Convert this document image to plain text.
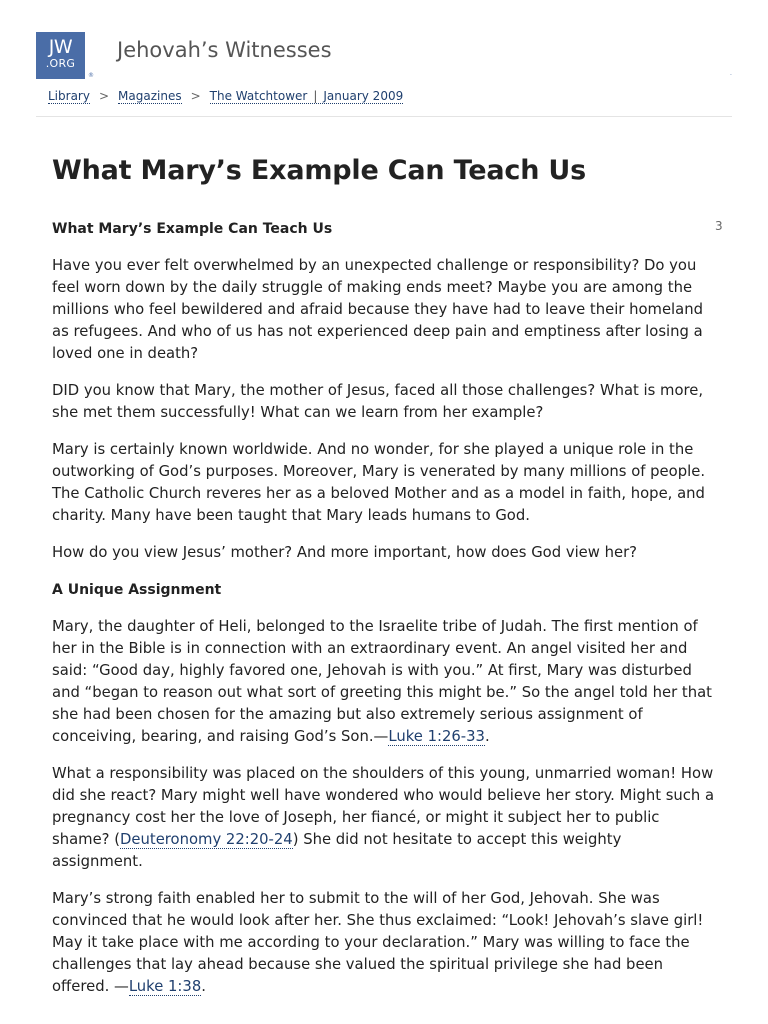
JW
.ORG
®
Jehovah’s Witnesses
.
Library > Magazines > The Watchtower | January 2009
What Mary’s Example Can Teach Us
3

What Mary’s Example Can Teach Us

Have you ever felt overwhelmed by an unexpected challenge or responsibility? Do you feel worn down by the daily struggle of making ends meet? Maybe you are among the millions who feel bewildered and afraid because they have had to leave their homeland as refugees. And who of us has not experienced deep pain and emptiness after losing a loved one in death?

DID you know that Mary, the mother of Jesus, faced all those challenges? What is more, she met them successfully! What can we learn from her example?

Mary is certainly known worldwide. And no wonder, for she played a unique role in the outworking of God’s purposes. Moreover, Mary is venerated by many millions of people. The Catholic Church reveres her as a beloved Mother and as a model in faith, hope, and charity. Many have been taught that Mary leads humans to God.

How do you view Jesus’ mother? And more important, how does God view her?

A Unique Assignment

Mary, the daughter of Heli, belonged to the Israelite tribe of Judah. The first mention of her in the Bible is in connection with an extraordinary event. An angel visited her and said: “Good day, highly favored one, Jehovah is with you.” At first, Mary was disturbed and “began to reason out what sort of greeting this might be.” So the angel told her that she had been chosen for the amazing but also extremely serious assignment of conceiving, bearing, and raising God’s Son.—Luke 1:26-33.

What a responsibility was placed on the shoulders of this young, unmarried woman! How did she react? Mary might well have wondered who would believe her story. Might such a pregnancy cost her the love of Joseph, her fiancé, or might it subject her to public shame? (Deuteronomy 22:20-24) She did not hesitate to accept this weighty assignment.

Mary’s strong faith enabled her to submit to the will of her God, Jehovah. She was convinced that he would look after her. She thus exclaimed: “Look! Jehovah’s slave girl! May it take place with me according to your declaration.” Mary was willing to face the challenges that lay ahead because she valued the spiritual privilege she had been offered. —Luke 1:38.
